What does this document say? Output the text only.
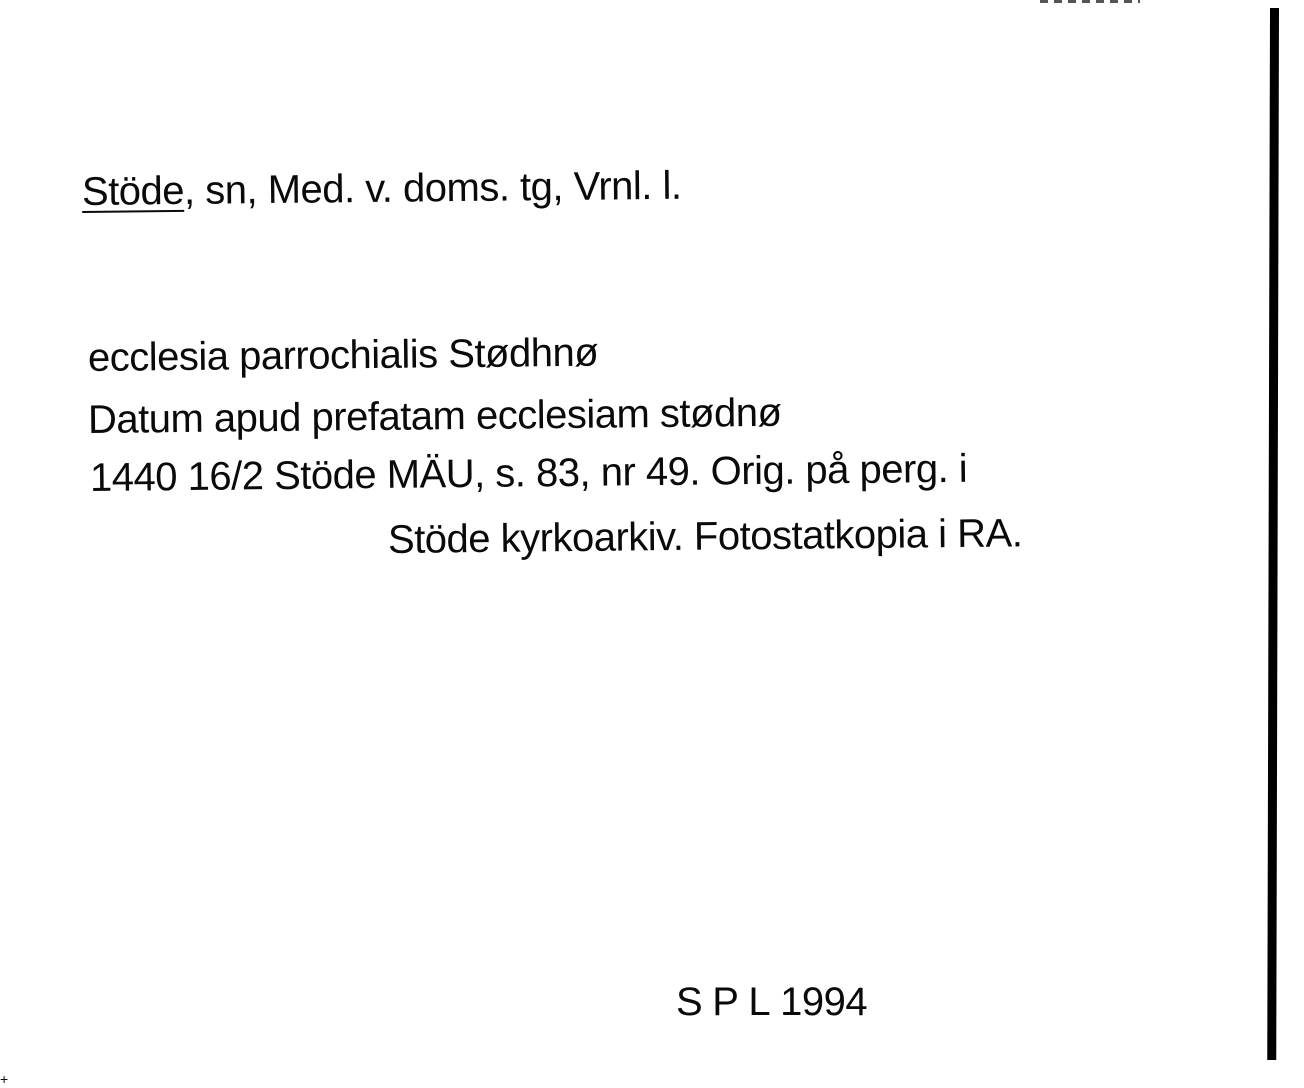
Stöde, sn, Med. v. doms. tg, Vrnl. l.
ecclesia parrochialis Stødhnø
Datum apud prefatam ecclesiam stødnø
1440 16/2 Stöde MÄU, s. 83, nr 49. Orig. på perg. i
Stöde kyrkoarkiv. Fotostatkopia i RA.
S P L 1994
+
